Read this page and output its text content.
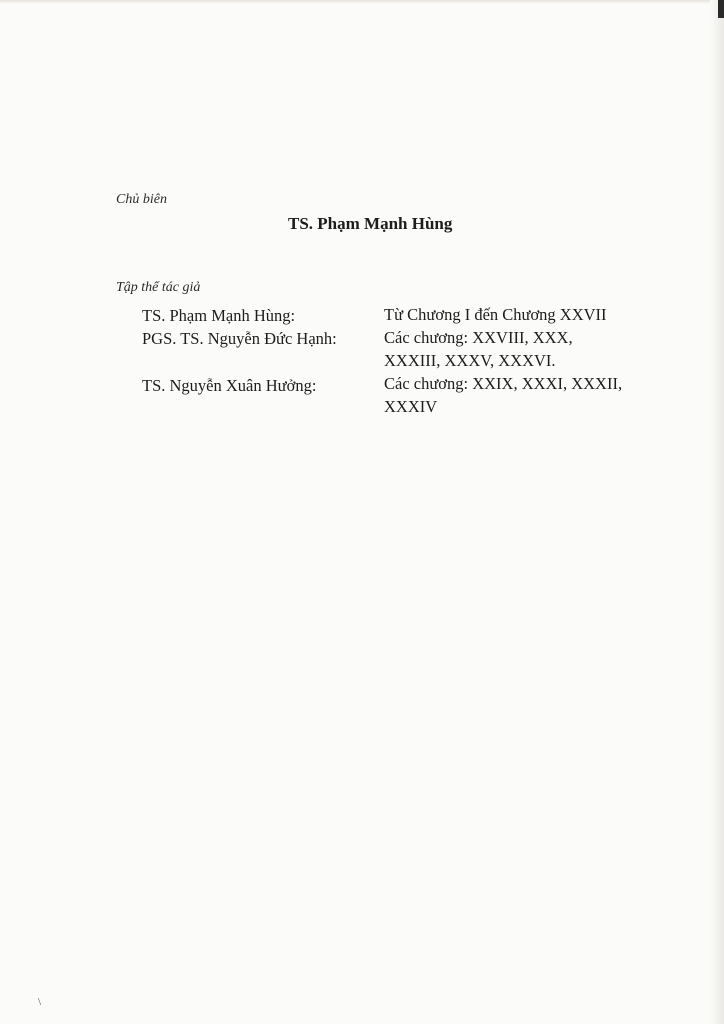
Chủ biên
TS. Phạm Mạnh Hùng
Tập thể tác giả
TS. Phạm Mạnh Hùng:	Từ Chương I đến Chương XXVII
PGS. TS. Nguyễn Đức Hạnh:	Các chương: XXVIII, XXX,
XXXIII, XXXV, XXXVI.
TS. Nguyễn Xuân Hưởng:	Các chương: XXIX, XXXI, XXXII,
XXXIV
\
